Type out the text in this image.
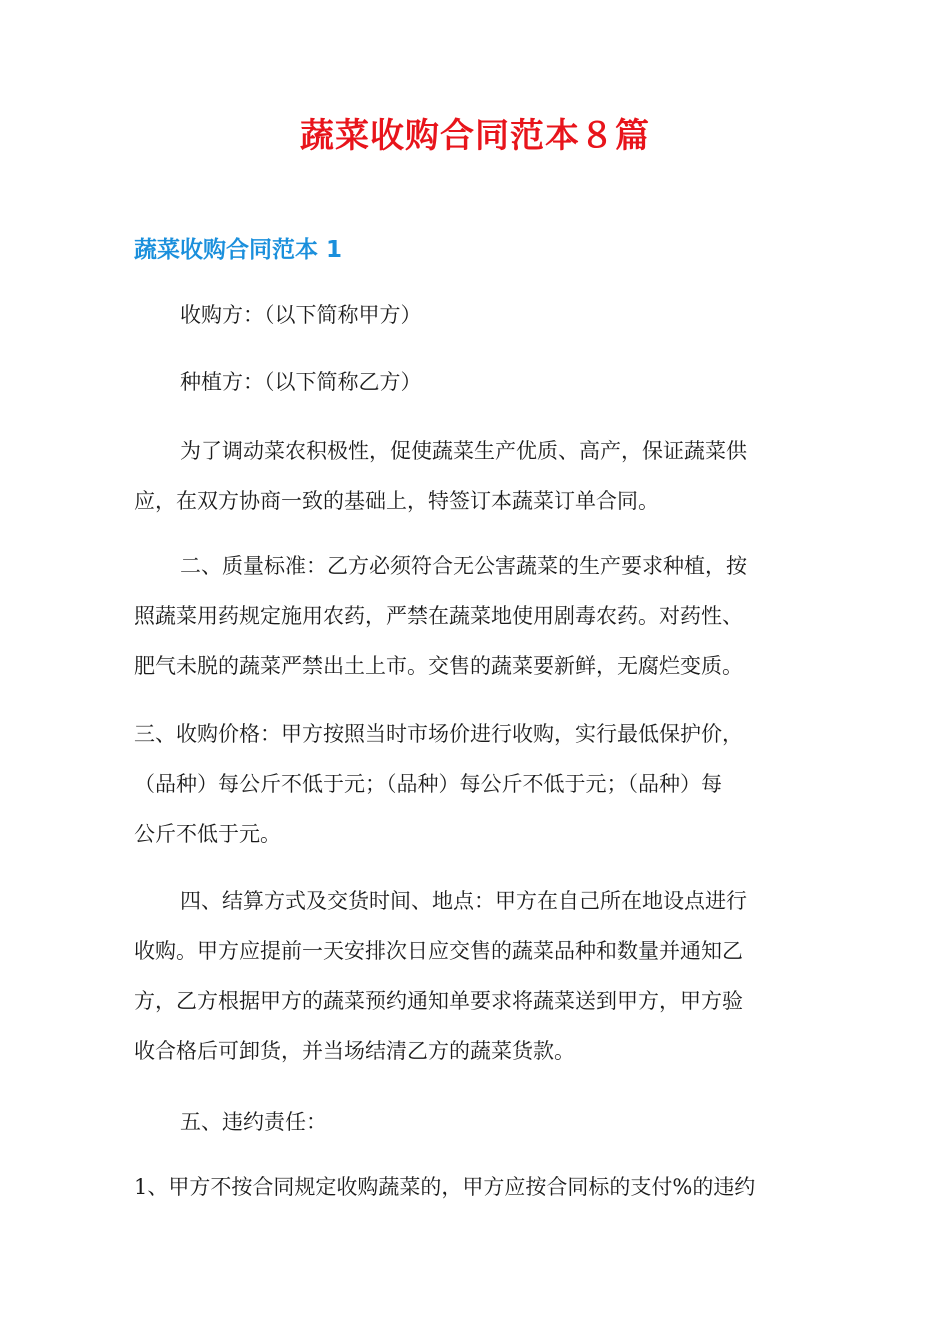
蔬菜收购合同范本８篇
蔬菜收购合同范本 1

收购方：（以下简称甲方）

种植方：（以下简称乙方）

为了调动菜农积极性，促使蔬菜生产优质、高产，保证蔬菜供
应，在双方协商一致的基础上，特签订本蔬菜订单合同。

二、质量标准：乙方必须符合无公害蔬菜的生产要求种植，按
照蔬菜用药规定施用农药，严禁在蔬菜地使用剧毒农药。对药性、
肥气未脱的蔬菜严禁出土上市。交售的蔬菜要新鲜，无腐烂变质。

三、收购价格：甲方按照当时市场价进行收购，实行最低保护价，
（品种）每公斤不低于元；（品种）每公斤不低于元；（品种）每
公斤不低于元。

四、结算方式及交货时间、地点：甲方在自己所在地设点进行
收购。甲方应提前一天安排次日应交售的蔬菜品种和数量并通知乙
方，乙方根据甲方的蔬菜预约通知单要求将蔬菜送到甲方，甲方验
收合格后可卸货，并当场结清乙方的蔬菜货款。

五、违约责任：

1、甲方不按合同规定收购蔬菜的，甲方应按合同标的支付%的违约
